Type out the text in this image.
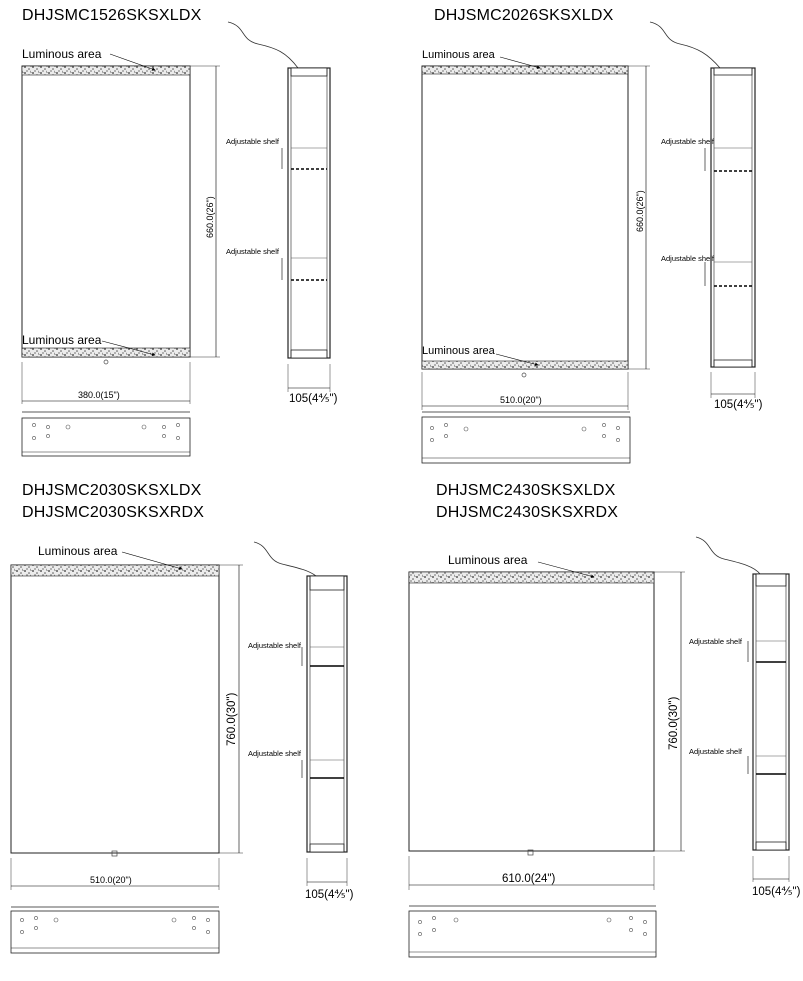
DHJSMC1526SKSXLDX	DHJSMC2026SKSXLDX
DHJSMC2030SKSXLDX
DHJSMC2030SKSXRDX
DHJSMC2430SKSXLDX
DHJSMC2430SKSXRDX
Luminous area
Luminous area
660.0(26")
380.0(15")
Adjustable shelf
Adjustable shelf
105(4⅘")
Luminous area
Luminous area
660.0(26")
510.0(20")
Adjustable shelf
Adjustable shelf
105(4⅘")
Luminous area
760.0(30")
510.0(20")
Adjustable shelf
Adjustable shelf
105(4⅘")
Luminous area
760.0(30")
610.0(24")
Adjustable shelf
Adjustable shelf
105(4⅘")
